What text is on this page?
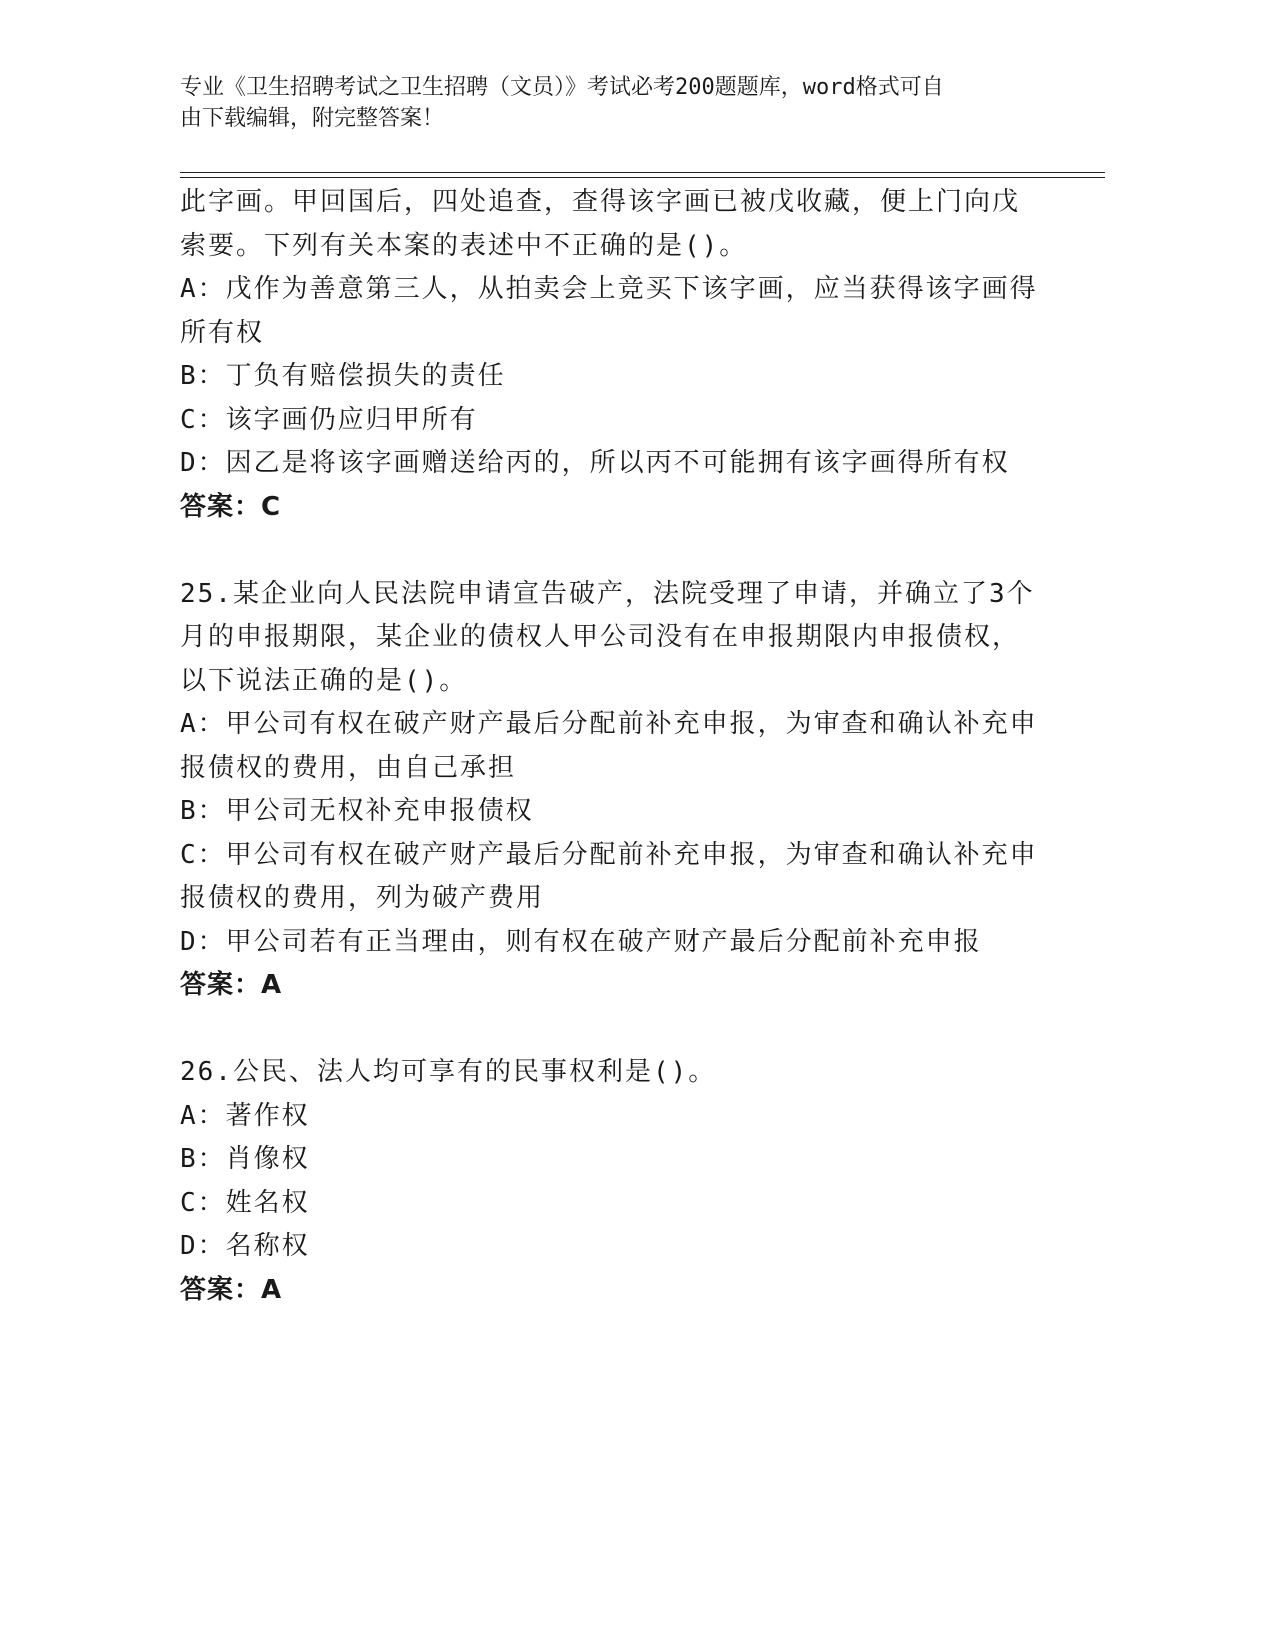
专业《卫生招聘考试之卫生招聘（文员）》考试必考200题题库，word格式可自
由下载编辑，附完整答案！
此字画。甲回国后，四处追查，查得该字画已被戊收藏，便上门向戊
索要。下列有关本案的表述中不正确的是()。
A：戊作为善意第三人，从拍卖会上竞买下该字画，应当获得该字画得
所有权
B：丁负有赔偿损失的责任
C：该字画仍应归甲所有
D：因乙是将该字画赠送给丙的，所以丙不可能拥有该字画得所有权
答案：C
25.某企业向人民法院申请宣告破产，法院受理了申请，并确立了3个
月的申报期限，某企业的债权人甲公司没有在申报期限内申报债权，
以下说法正确的是()。
A：甲公司有权在破产财产最后分配前补充申报，为审查和确认补充申
报债权的费用，由自己承担
B：甲公司无权补充申报债权
C：甲公司有权在破产财产最后分配前补充申报，为审查和确认补充申
报债权的费用，列为破产费用
D：甲公司若有正当理由，则有权在破产财产最后分配前补充申报
答案：A
26.公民、法人均可享有的民事权利是()。
A：著作权
B：肖像权
C：姓名权
D：名称权
答案：A
